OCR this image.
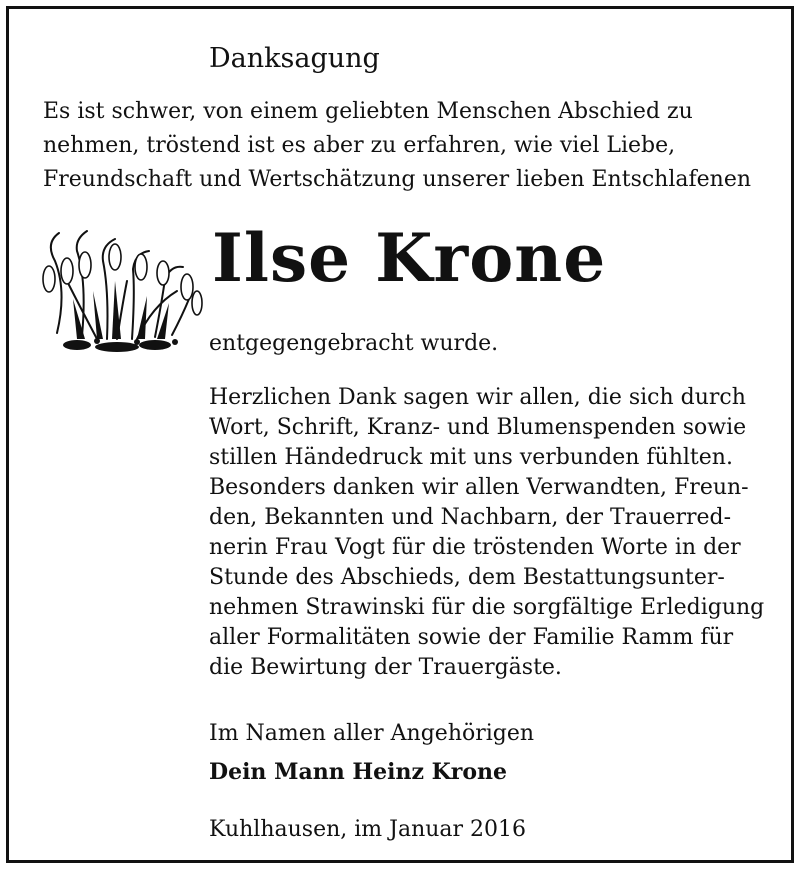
Danksagung
Es ist schwer, von einem geliebten Menschen Abschied zu
nehmen, tröstend ist es aber zu erfahren, wie viel Liebe,
Freundschaft und Wertschätzung unserer lieben Entschlafenen
Ilse Krone
entgegengebracht wurde.
Herzlichen Dank sagen wir allen, die sich durch
Wort, Schrift, Kranz- und Blumenspenden sowie
stillen Händedruck mit uns verbunden fühlten.
Besonders danken wir allen Verwandten, Freun-
den, Bekannten und Nachbarn, der Trauerred-
nerin Frau Vogt für die tröstenden Worte in der
Stunde des Abschieds, dem Bestattungsunter-
nehmen Strawinski für die sorgfältige Erledigung
aller Formalitäten sowie der Familie Ramm für
die Bewirtung der Trauergäste.
Im Namen aller Angehörigen
Dein Mann Heinz Krone
Kuhlhausen, im Januar 2016
